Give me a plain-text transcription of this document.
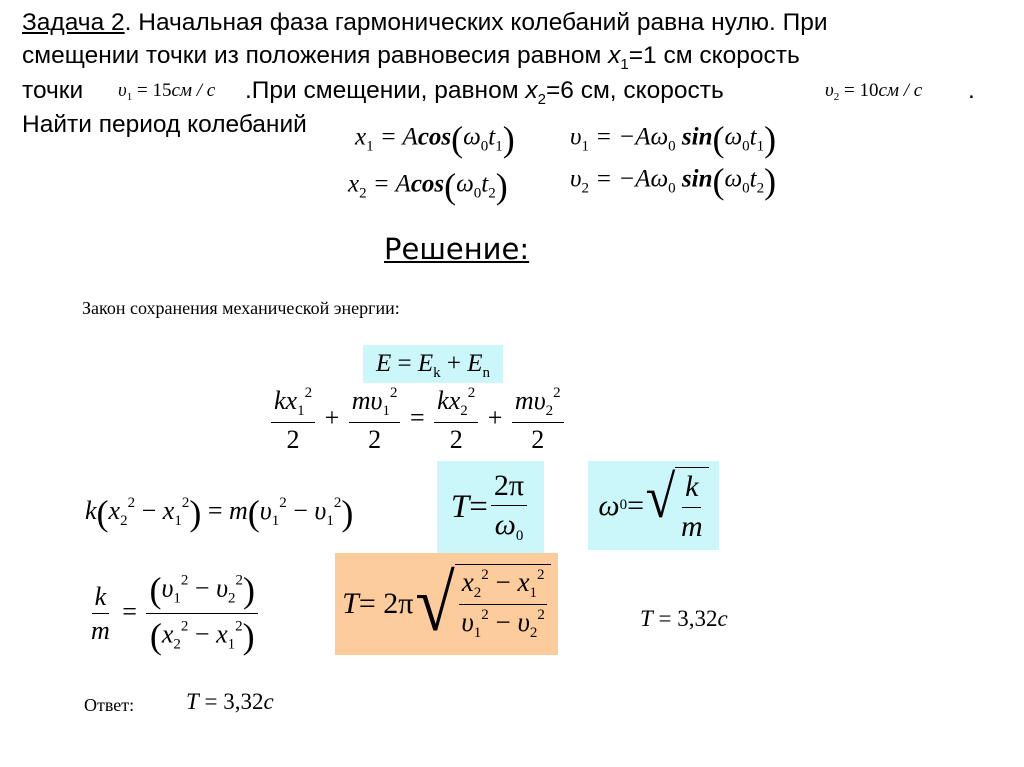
Задача 2. Начальная фаза гармонических колебаний равна нулю. При
смещении точки из положения равновесия равном $x_1=1$ см скорость
точки $\upsilon_1 = 15см / с$ .При смещении, равном $x_2=6$ см, скорость	$\upsilon_2 = 10см / с$ .
Найти период колебаний $x_1 = Acos(\omega_0t_1)$
$x_2 = Acos(\omega_0t_2)$
$\upsilon_1 = -A\omega_0$ $\sin(\omega_0t_1)$
$\upsilon_2 = -A\omega_0$ $\sin(\omega_0t_2)$
Решение:
Закон сохранения механической энергии:
$E = E_k + E_n$
$\frac{kx_1^2}{2} + \frac{m\upsilon_1^2}{2} = \frac{kx_2^2}{2} + \frac{m\upsilon_2^2}{2}$
$k(x_2^2 - x_1^2) = m(\upsilon_1^2 - \upsilon_1^2)$	$T = \frac{2\pi}{\omega_0}$ ω 0 = √ $\frac{k}{m}$
$\frac{k}{m} = \frac{(\upsilon_1^2 - \upsilon_2^2)}{(x_2^2 - x_1^2)}$	T = 2π √ $\frac{x_2^2 - x_1^2}{\upsilon_1^2 - \upsilon_2^2}$	T = 3,32с
Ответ: T = 3,32с
